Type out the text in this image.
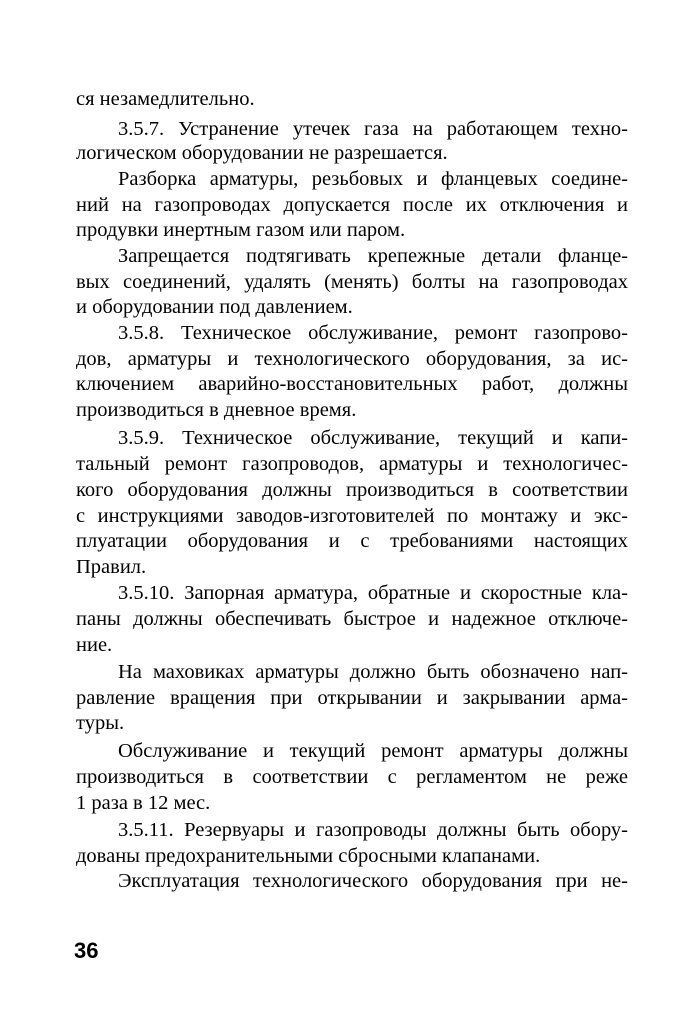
ся незамедлительно.
3.5.7. Устранение утечек газа на работающем техно-
логическом оборудовании не разрешается.
Разборка арматуры, резьбовых и фланцевых соедине-
ний на газопроводах допускается после их отключения и
продувки инертным газом или паром.
Запрещается подтягивать крепежные детали фланце-
вых соединений, удалять (менять) болты на газопроводах
и оборудовании под давлением.
3.5.8. Техническое обслуживание, ремонт газопрово-
дов, арматуры и технологического оборудования, за ис-
ключением аварийно-восстановительных работ, должны
производиться в дневное время.
3.5.9. Техническое обслуживание, текущий и капи-
тальный ремонт газопроводов, арматуры и технологичес-
кого оборудования должны производиться в соответствии
с инструкциями заводов-изготовителей по монтажу и экс-
плуатации оборудования и с требованиями настоящих
Правил.
3.5.10. Запорная арматура, обратные и скоростные кла-
паны должны обеспечивать быстрое и надежное отключе-
ние.
На маховиках арматуры должно быть обозначено нап-
равление вращения при открывании и закрывании арма-
туры.
Обслуживание и текущий ремонт арматуры должны
производиться в соответствии с регламентом не реже
1 раза в 12 мес.
3.5.11. Резервуары и газопроводы должны быть обору-
дованы предохранительными сбросными клапанами.
Эксплуатация технологического оборудования при не-
36
